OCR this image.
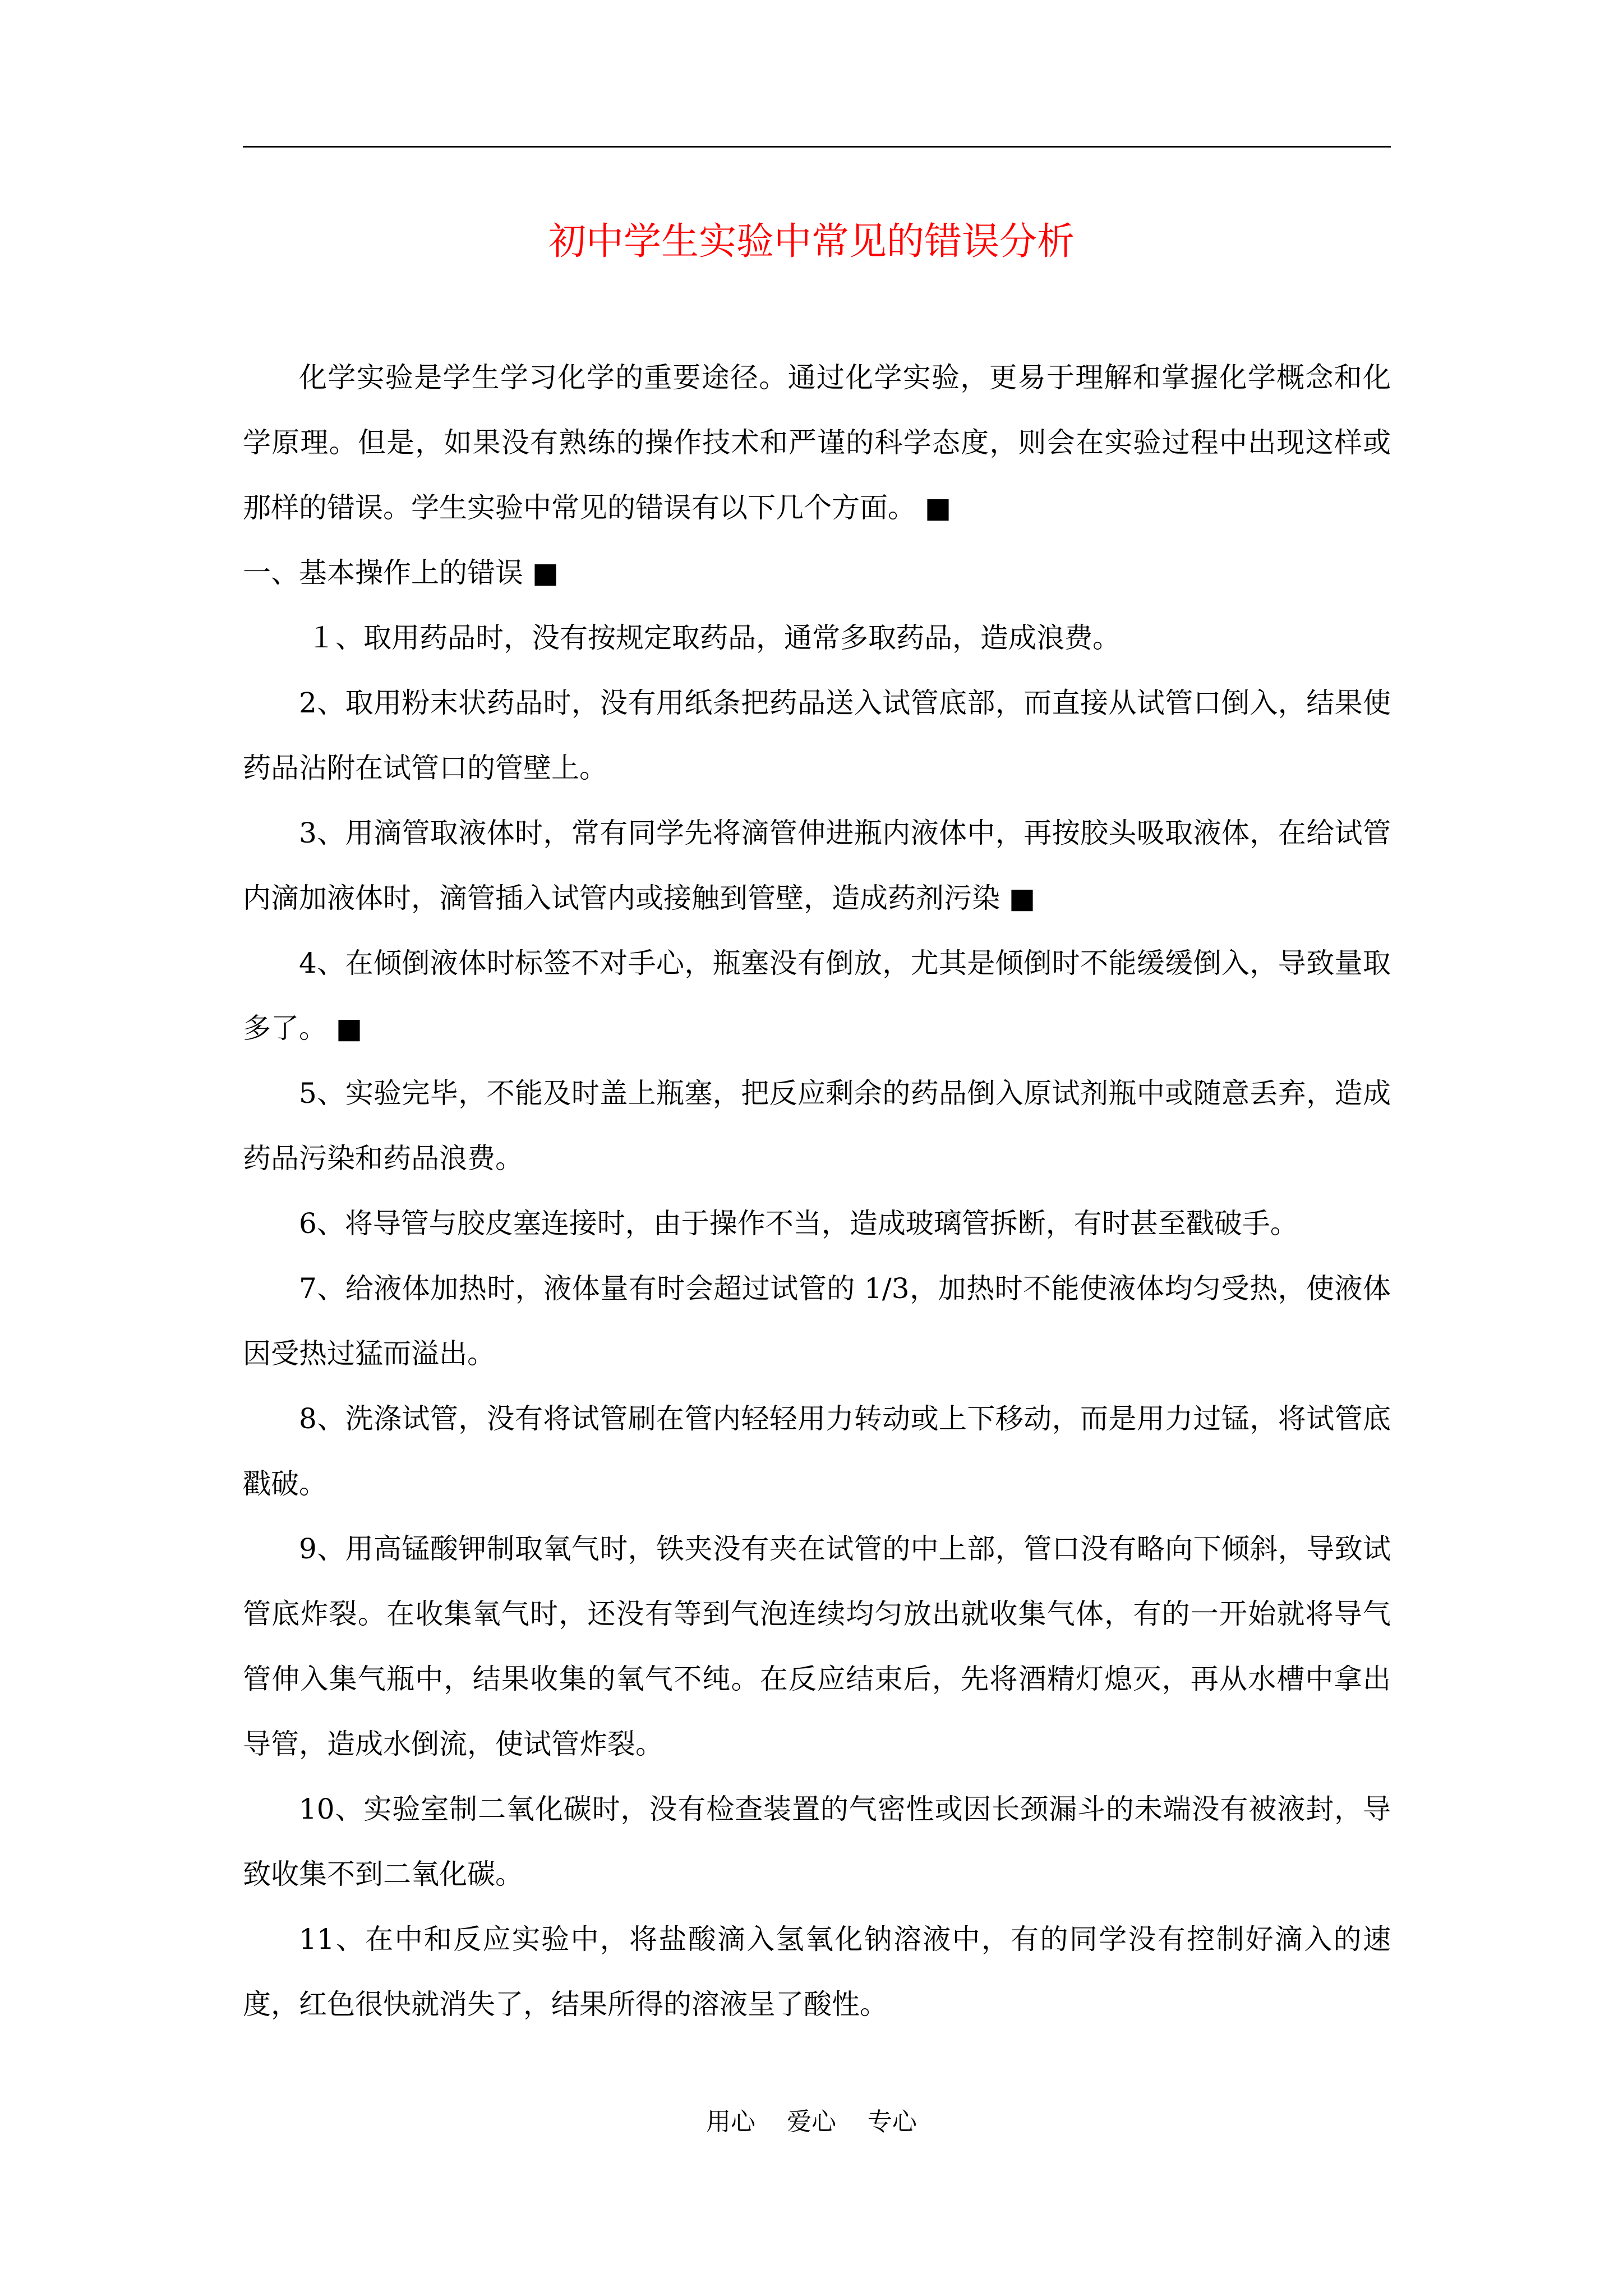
初中学生实验中常见的错误分析

化学实验是学生学习化学的重要途径。通过化学实验，更易于理解和掌握化学概念和化学原理。但是，如果没有熟练的操作技术和严谨的科学态度，则会在实验过程中出现这样或那样的错误。学生实验中常见的错误有以下几个方面。 ■

一、基本操作上的错误 ■

１、取用药品时，没有按规定取药品，通常多取药品，造成浪费。

2、取用粉末状药品时，没有用纸条把药品送入试管底部，而直接从试管口倒入，结果使药品沾附在试管口的管壁上。

3、用滴管取液体时，常有同学先将滴管伸进瓶内液体中，再按胶头吸取液体，在给试管内滴加液体时，滴管插入试管内或接触到管壁，造成药剂污染 ■

4、在倾倒液体时标签不对手心，瓶塞没有倒放，尤其是倾倒时不能缓缓倒入，导致量取多了。 ■

5、实验完毕，不能及时盖上瓶塞，把反应剩余的药品倒入原试剂瓶中或随意丢弃，造成药品污染和药品浪费。

6、将导管与胶皮塞连接时，由于操作不当，造成玻璃管拆断，有时甚至戳破手。

7、给液体加热时，液体量有时会超过试管的 1/3，加热时不能使液体均匀受热，使液体因受热过猛而溢出。

8、洗涤试管，没有将试管刷在管内轻轻用力转动或上下移动，而是用力过锰，将试管底戳破。

9、用高锰酸钾制取氧气时，铁夹没有夹在试管的中上部，管口没有略向下倾斜，导致试管底炸裂。在收集氧气时，还没有等到气泡连续均匀放出就收集气体，有的一开始就将导气管伸入集气瓶中，结果收集的氧气不纯。在反应结束后，先将酒精灯熄灭，再从水槽中拿出导管，造成水倒流，使试管炸裂。

10、实验室制二氧化碳时，没有检查装置的气密性或因长颈漏斗的未端没有被液封，导致收集不到二氧化碳。

11、在中和反应实验中，将盐酸滴入氢氧化钠溶液中，有的同学没有控制好滴入的速度，红色很快就消失了，结果所得的溶液呈了酸性。

用心    爱心    专心
